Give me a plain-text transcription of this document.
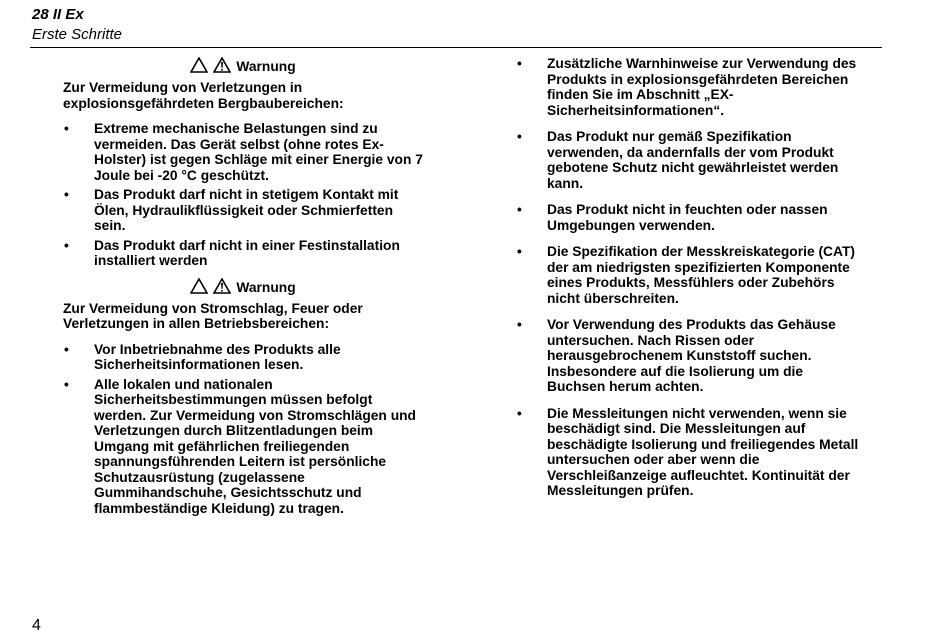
28 II Ex
Erste Schritte
Warnung
Zur Vermeidung von Verletzungen in explosionsgefährdeten Bergbaubereichen:
• Extreme mechanische Belastungen sind zu vermeiden. Das Gerät selbst (ohne rotes Ex-Holster) ist gegen Schläge mit einer Energie von 7 Joule bei -20 °C geschützt.
• Das Produkt darf nicht in stetigem Kontakt mit Ölen, Hydraulikflüssigkeit oder Schmierfetten sein.
• Das Produkt darf nicht in einer Festinstallation installiert werden
Warnung
Zur Vermeidung von Stromschlag, Feuer oder Verletzungen in allen Betriebsbereichen:
• Vor Inbetriebnahme des Produkts alle Sicherheitsinformationen lesen.
• Alle lokalen und nationalen Sicherheitsbestimmungen müssen befolgt werden. Zur Vermeidung von Stromschlägen und Verletzungen durch Blitzentladungen beim Umgang mit gefährlichen freiliegenden spannungsführenden Leitern ist persönliche Schutzausrüstung (zugelassene Gummihandschuhe, Gesichtsschutz und flammbeständige Kleidung) zu tragen.
• Zusätzliche Warnhinweise zur Verwendung des Produkts in explosionsgefährdeten Bereichen finden Sie im Abschnitt „EX-Sicherheitsinformationen“.
• Das Produkt nur gemäß Spezifikation verwenden, da andernfalls der vom Produkt gebotene Schutz nicht gewährleistet werden kann.
• Das Produkt nicht in feuchten oder nassen Umgebungen verwenden.
• Die Spezifikation der Messkreiskategorie (CAT) der am niedrigsten spezifizierten Komponente eines Produkts, Messfühlers oder Zubehörs nicht überschreiten.
• Vor Verwendung des Produkts das Gehäuse untersuchen. Nach Rissen oder herausgebrochenem Kunststoff suchen. Insbesondere auf die Isolierung um die Buchsen herum achten.
• Die Messleitungen nicht verwenden, wenn sie beschädigt sind. Die Messleitungen auf beschädigte Isolierung und freiliegendes Metall untersuchen oder aber wenn die Verschleißanzeige aufleuchtet. Kontinuität der Messleitungen prüfen.
4
